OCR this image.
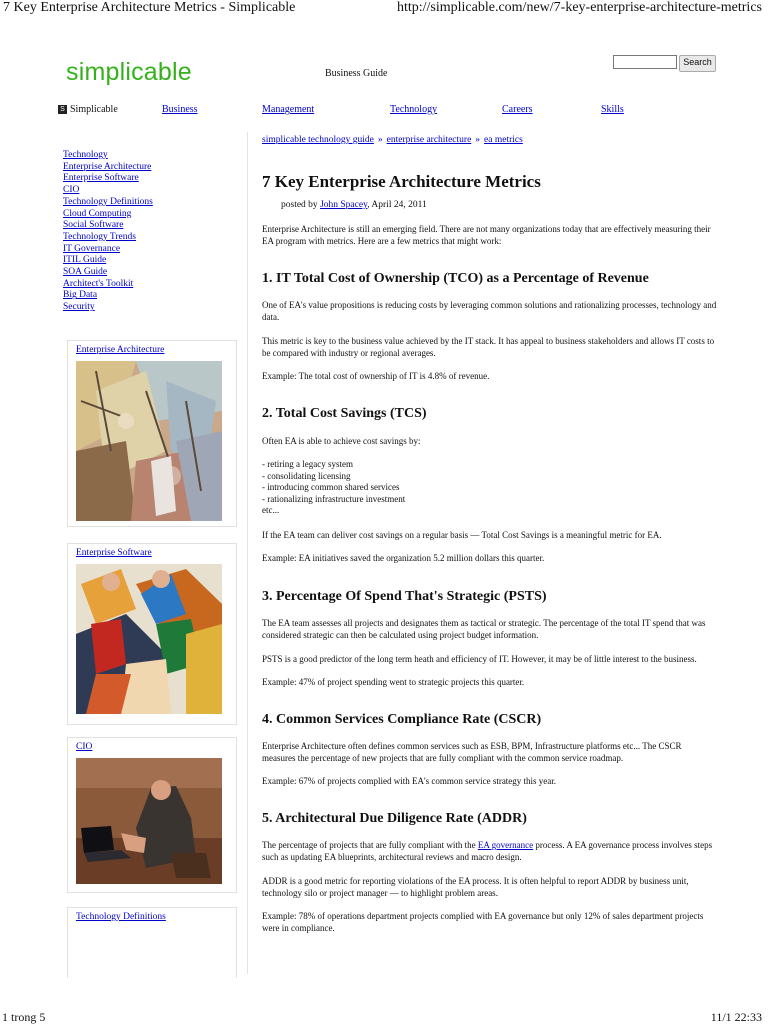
7 Key Enterprise Architecture Metrics - Simplicable	http://simplicable.com/new/7-key-enterprise-architecture-metrics
1 trong 5	11/1 22:33
simplicable	Business Guide
Search
S Simplicable	Business	Management	Technology	Careers	Skills
Technology
Enterprise Architecture
Enterprise Software
CIO
Technology Definitions
Cloud Computing
Social Software
Technology Trends
IT Governance
ITIL Guide
SOA Guide
Architect's Toolkit
Big Data
Security
Enterprise Architecture
Enterprise Software
CIO
Technology Definitions
simplicable technology guide » enterprise architecture » ea metrics
7 Key Enterprise Architecture Metrics
posted by John Spacey, April 24, 2011
Enterprise Architecture is still an emerging field. There are not many organizations today that are effectively measuring their EA program with metrics. Here are a few metrics that might work:
1. IT Total Cost of Ownership (TCO) as a Percentage of Revenue
One of EA's value propositions is reducing costs by leveraging common solutions and rationalizing processes, technology and data.
This metric is key to the business value achieved by the IT stack. It has appeal to business stakeholders and allows IT costs to be compared with industry or regional averages.
Example: The total cost of ownership of IT is 4.8% of revenue.
2. Total Cost Savings (TCS)
Often EA is able to achieve cost savings by:
- retiring a legacy system
- consolidating licensing
- introducing common shared services
- rationalizing infrastructure investment
etc...
If the EA team can deliver cost savings on a regular basis — Total Cost Savings is a meaningful metric for EA.
Example: EA initiatives saved the organization 5.2 million dollars this quarter.
3. Percentage Of Spend That's Strategic (PSTS)
The EA team assesses all projects and designates them as tactical or strategic. The percentage of the total IT spend that was considered strategic can then be calculated using project budget information.
PSTS is a good predictor of the long term heath and efficiency of IT. However, it may be of little interest to the business.
Example: 47% of project spending went to strategic projects this quarter.
4. Common Services Compliance Rate (CSCR)
Enterprise Architecture often defines common services such as ESB, BPM, Infrastructure platforms etc... The CSCR measures the percentage of new projects that are fully compliant with the common service roadmap.
Example: 67% of projects complied with EA's common service strategy this year.
5. Architectural Due Diligence Rate (ADDR)
The percentage of projects that are fully compliant with the EA governance process. A EA governance process involves steps such as updating EA blueprints, architectural reviews and macro design.
ADDR is a good metric for reporting violations of the EA process. It is often helpful to report ADDR by business unit, technology silo or project manager — to highlight problem areas.
Example: 78% of operations department projects complied with EA governance but only 12% of sales department projects were in compliance.
